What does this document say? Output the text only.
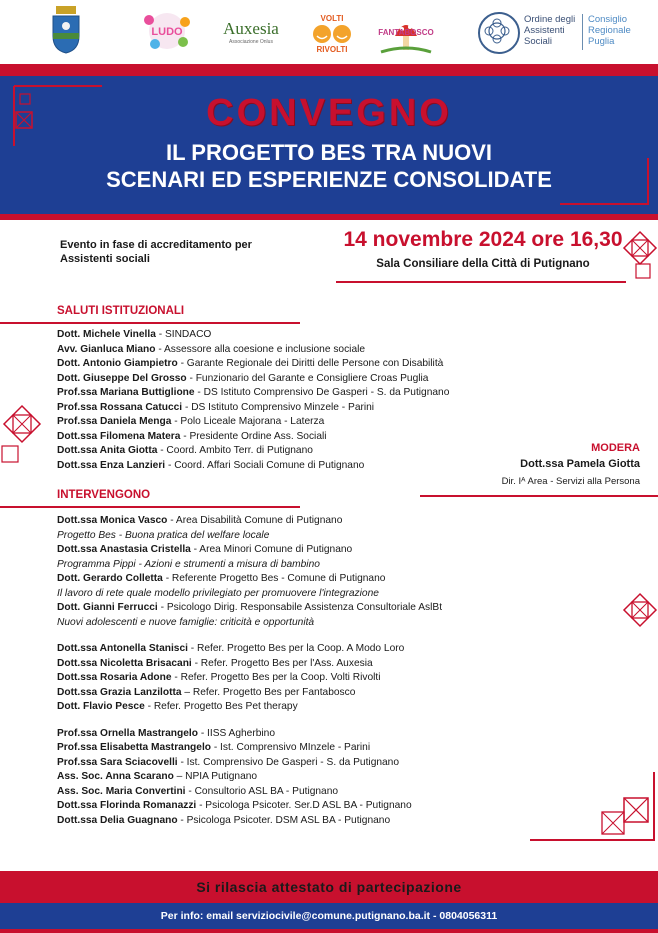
LUDO Auxesia
Associazione Onlus
VOLTI
RIVOLTI
FANTABOSCO
Ordine degli Assistenti Sociali
Consiglio Regionale Puglia
CONVEGNO
IL PROGETTO BES TRA NUOVI
SCENARI ED ESPERIENZE CONSOLIDATE
Evento in fase di accreditamento per Assistenti sociali
14 novembre 2024 ore 16,30
Sala Consiliare della Città di Putignano
SALUTI ISTITUZIONALI
Dott. Michele Vinella - SINDACO
Avv. Gianluca Miano - Assessore alla coesione e inclusione sociale
Dott. Antonio Giampietro - Garante Regionale dei Diritti delle Persone con Disabilità
Dott. Giuseppe Del Grosso - Funzionario del Garante e Consigliere Croas Puglia
Prof.ssa Mariana Buttiglione - DS Istituto Comprensivo De Gasperi - S. da Putignano
Prof.ssa Rossana Catucci - DS Istituto Comprensivo Minzele - Parini
Prof.ssa Daniela Menga - Polo Liceale Majorana - Laterza
Dott.ssa Filomena Matera - Presidente Ordine Ass. Sociali
Dott.ssa Anita Giotta - Coord. Ambito Terr. di Putignano
Dott.ssa Enza Lanzieri - Coord. Affari Sociali Comune di Putignano
MODERA
Dott.ssa Pamela Giotta
Dir. Iᴬ Area - Servizi alla Persona
INTERVENGONO
Dott.ssa Monica Vasco - Area Disabilità Comune di Putignano
Progetto Bes - Buona pratica del welfare locale
Dott.ssa Anastasia Cristella - Area Minori Comune di Putignano
Programma Pippi - Azioni e strumenti a misura di bambino
Dott. Gerardo Colletta - Referente Progetto Bes - Comune di Putignano
Il lavoro di rete quale modello privilegiato per promuovere l'integrazione
Dott. Gianni Ferrucci - Psicologo Dirig. Responsabile Assistenza Consultoriale AslBt
Nuovi adolescenti e nuove famiglie: criticità e opportunità
Dott.ssa Antonella Stanisci - Refer. Progetto Bes per la Coop. A Modo Loro
Dott.ssa Nicoletta Brisacani - Refer. Progetto Bes per l'Ass. Auxesia
Dott.ssa Rosaria Adone - Refer. Progetto Bes per la Coop. Volti Rivolti
Dott.ssa Grazia Lanzilotta – Refer. Progetto Bes per Fantabosco
Dott. Flavio Pesce - Refer. Progetto Bes Pet therapy
Prof.ssa Ornella Mastrangelo - IISS Agherbino
Prof.ssa Elisabetta Mastrangelo - Ist. Comprensivo MInzele - Parini
Prof.ssa Sara Sciacovelli - Ist. Comprensivo De Gasperi - S. da Putignano
Ass. Soc. Anna Scarano – NPIA Putignano
Ass. Soc. Maria Convertini - Consultorio ASL BA - Putignano
Dott.ssa Florinda Romanazzi - Psicologa Psicoter. Ser.D ASL BA - Putignano
Dott.ssa Delia Guagnano - Psicologa Psicoter. DSM ASL BA - Putignano
Si rilascia attestato di partecipazione
Per info: email serviziocivile@comune.putignano.ba.it - 0804056311
